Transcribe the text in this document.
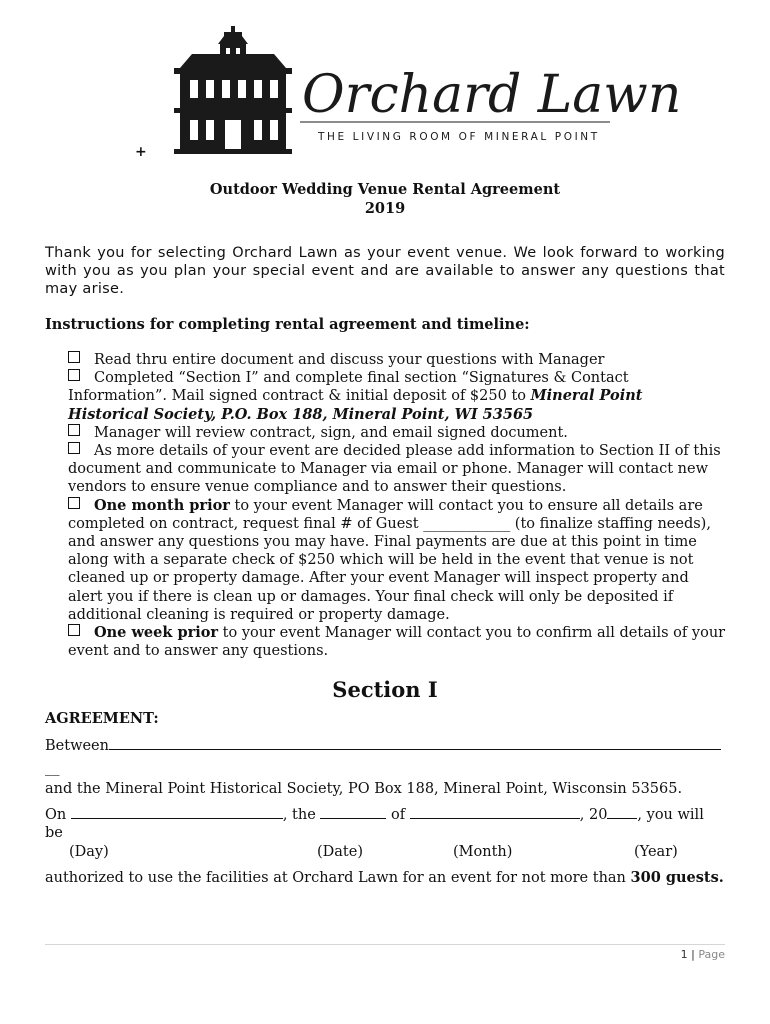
Orchard Lawn
THE LIVING ROOM OF MINERAL POINT
+
Outdoor Wedding Venue Rental Agreement
2019
Thank you for selecting Orchard Lawn as your event venue. We look forward to working with you as you plan your special event and are available to answer any questions that may arise.
Instructions for completing rental agreement and timeline:

Read thru entire document and discuss your questions with Manager

Completed “Section I” and complete final section “Signatures & Contact Information”. Mail signed contract & initial deposit of $250 to Mineral Point Historical Society, P.O. Box 188, Mineral Point, WI 53565

Manager will review contract, sign, and email signed document.

As more details of your event are decided please add information to Section II of this document and communicate to Manager via email or phone. Manager will contact new vendors to ensure venue compliance and to answer their questions.

One month prior to your event Manager will contact you to ensure all details are completed on contract, request final # of Guest ____________ (to finalize staffing needs), and answer any questions you may have. Final payments are due at this point in time along with a separate check of $250 which will be held in the event that venue is not cleaned up or property damage. After your event Manager will inspect property and alert you if there is clean up or damages. Your final check will only be deposited if additional cleaning is required or property damage.

One week prior to your event Manager will contact you to confirm all details of your event and to answer any questions.

Section I
AGREEMENT:
Between
__
and the Mineral Point Historical Society, PO Box 188, Mineral Point, Wisconsin 53565.
On	, the	of	, 20 , you will
be
(Day)	(Date)	(Month)	(Year)
authorized to use the facilities at Orchard Lawn for an event for not more than 300 guests.
1 | Page
